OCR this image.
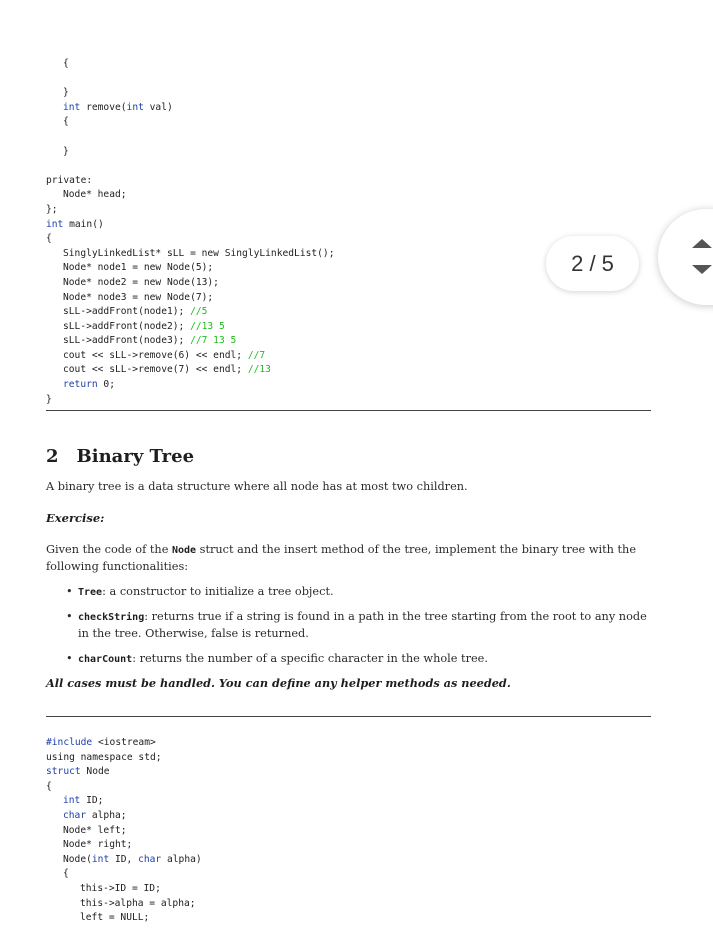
{
}
int remove(int val)
{
}
private:
Node* head;
};
int main()
{
SinglyLinkedList* sLL = new SinglyLinkedList();
Node* node1 = new Node(5);
Node* node2 = new Node(13);
Node* node3 = new Node(7);
sLL->addFront(node1); //5
sLL->addFront(node2); //13 5
sLL->addFront(node3); //7 13 5
cout << sLL->remove(6) << endl; //7
cout << sLL->remove(7) << endl; //13
return 0;
}
2 Binary Tree
A binary tree is a data structure where all node has at most two children.
Exercise:
Given the code of the Node struct and the insert method of the tree, implement the binary tree with the following functionalities:
• Tree: a constructor to initialize a tree object.
• checkString: returns true if a string is found in a path in the tree starting from the root to any node in the tree. Otherwise, false is returned.
• charCount: returns the number of a specific character in the whole tree.
All cases must be handled. You can define any helper methods as needed.
#include <iostream>
using namespace std;
struct Node
{
int ID;
char alpha;
Node* left;
Node* right;
Node(int ID, char alpha)
{
this->ID = ID;
this->alpha = alpha;
left = NULL;
2 / 5
